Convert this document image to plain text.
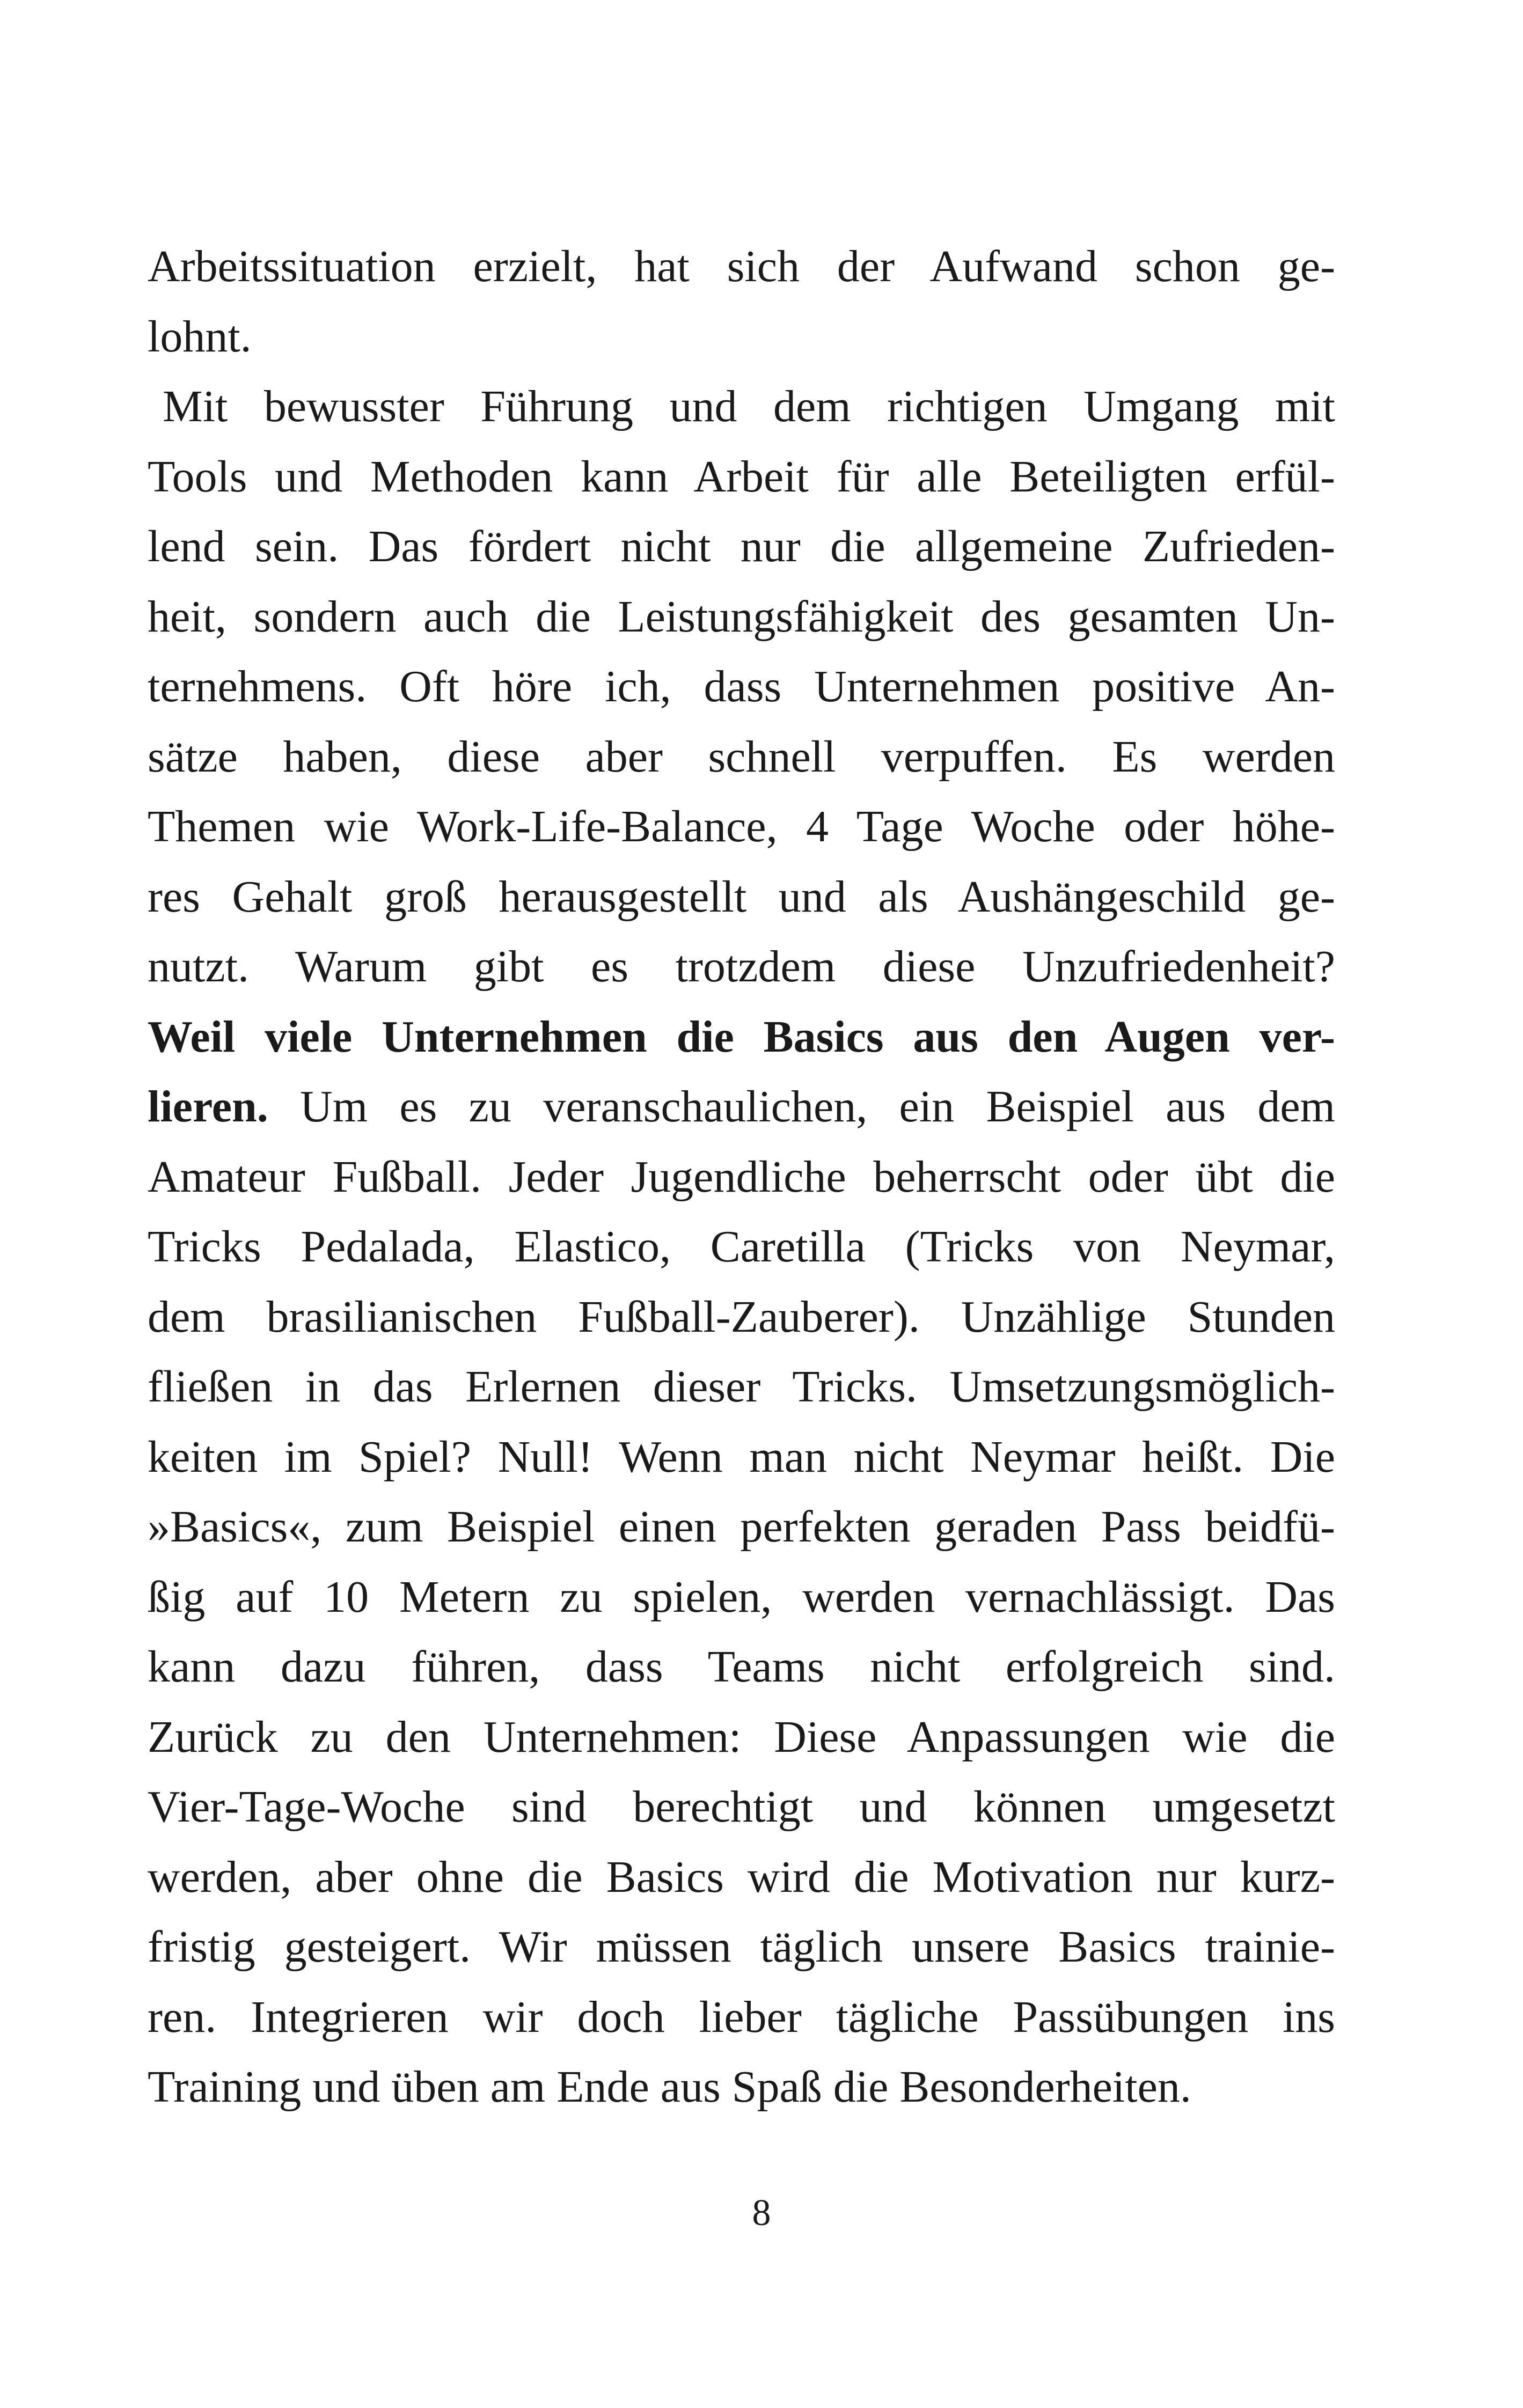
Arbeitssituation erzielt, hat sich der Aufwand schon ge-
lohnt.
Mit bewusster Führung und dem richtigen Umgang mit
Tools und Methoden kann Arbeit für alle Beteiligten erfül-
lend sein. Das fördert nicht nur die allgemeine Zufrieden-
heit, sondern auch die Leistungsfähigkeit des gesamten Un-
ternehmens. Oft höre ich, dass Unternehmen positive An-
sätze haben, diese aber schnell verpuffen. Es werden
Themen wie Work-Life-Balance, 4 Tage Woche oder höhe-
res Gehalt groß herausgestellt und als Aushängeschild ge-
nutzt. Warum gibt es trotzdem diese Unzufriedenheit?
Weil viele Unternehmen die Basics aus den Augen ver-
lieren. Um es zu veranschaulichen, ein Beispiel aus dem
Amateur Fußball. Jeder Jugendliche beherrscht oder übt die
Tricks Pedalada, Elastico, Caretilla (Tricks von Neymar,
dem brasilianischen Fußball-Zauberer). Unzählige Stunden
fließen in das Erlernen dieser Tricks. Umsetzungsmöglich-
keiten im Spiel? Null! Wenn man nicht Neymar heißt. Die
»Basics«, zum Beispiel einen perfekten geraden Pass beidfü-
ßig auf 10 Metern zu spielen, werden vernachlässigt. Das
kann dazu führen, dass Teams nicht erfolgreich sind.
Zurück zu den Unternehmen: Diese Anpassungen wie die
Vier-Tage-Woche sind berechtigt und können umgesetzt
werden, aber ohne die Basics wird die Motivation nur kurz-
fristig gesteigert. Wir müssen täglich unsere Basics trainie-
ren. Integrieren wir doch lieber tägliche Passübungen ins
Training und üben am Ende aus Spaß die Besonderheiten.
8
